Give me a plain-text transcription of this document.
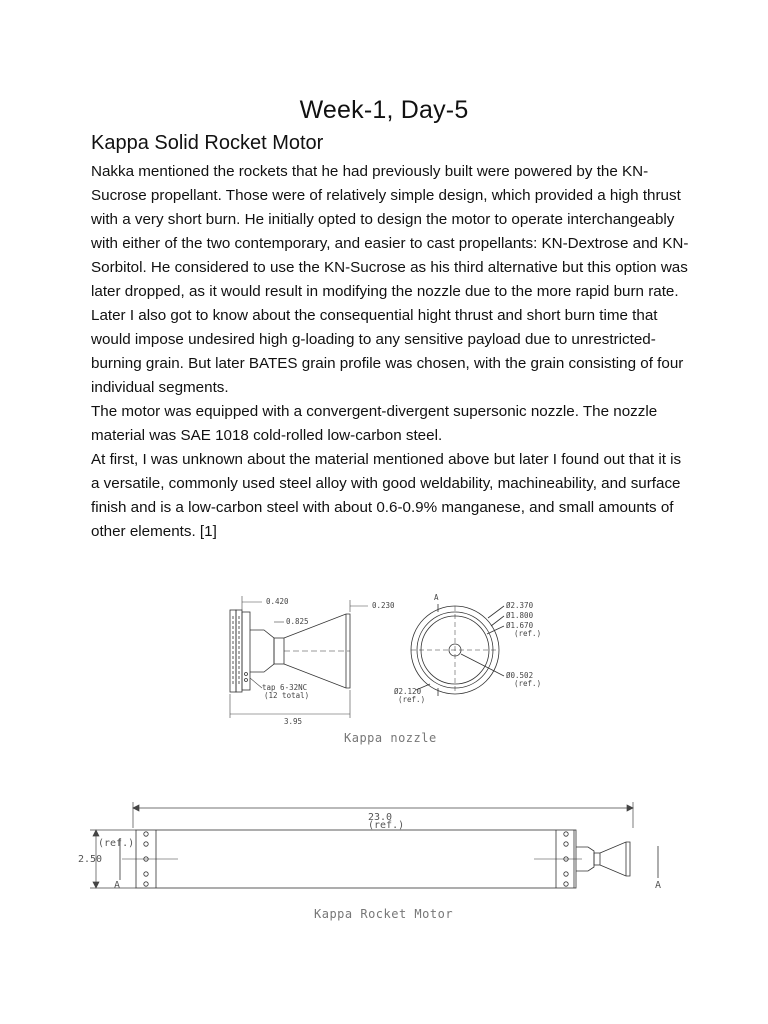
Week-1, Day-5
Kappa Solid Rocket Motor

Nakka mentioned the rockets that he had previously built were powered by the KN-Sucrose propellant. Those were of relatively simple design, which provided a high thrust with a very short burn. He initially opted to design the motor to operate interchangeably with either of the two contemporary, and easier to cast propellants: KN-Dextrose and KN-Sorbitol. He considered to use the KN-Sucrose as his third alternative but this option was later dropped, as it would result in modifying the nozzle due to the more rapid burn rate. Later I also got to know about the consequential hight thrust and short burn time that would impose undesired high g-loading to any sensitive payload due to unrestricted-burning grain. But later BATES grain profile was chosen, with the grain consisting of four individual segments.

The motor was equipped with a convergent-divergent supersonic nozzle. The nozzle material was SAE 1018 cold-rolled low-carbon steel.

At first, I was unknown about the material mentioned above but later I found out that it is a versatile, commonly used steel alloy with good weldability, machineability, and surface finish and is a low-carbon steel with about 0.6-0.9% manganese, and small amounts of other elements. [1]

0.420
0.825
0.230
tap 6-32NC
(12 total)
3.95
A
Ø2.370
Ø1.800
Ø1.670
(ref.)
Ø0.502
(ref.)
Ø2.120
(ref.)
Kappa nozzle
23.0
(ref.)
(ref.)
2.50
A	A
Kappa Rocket Motor
